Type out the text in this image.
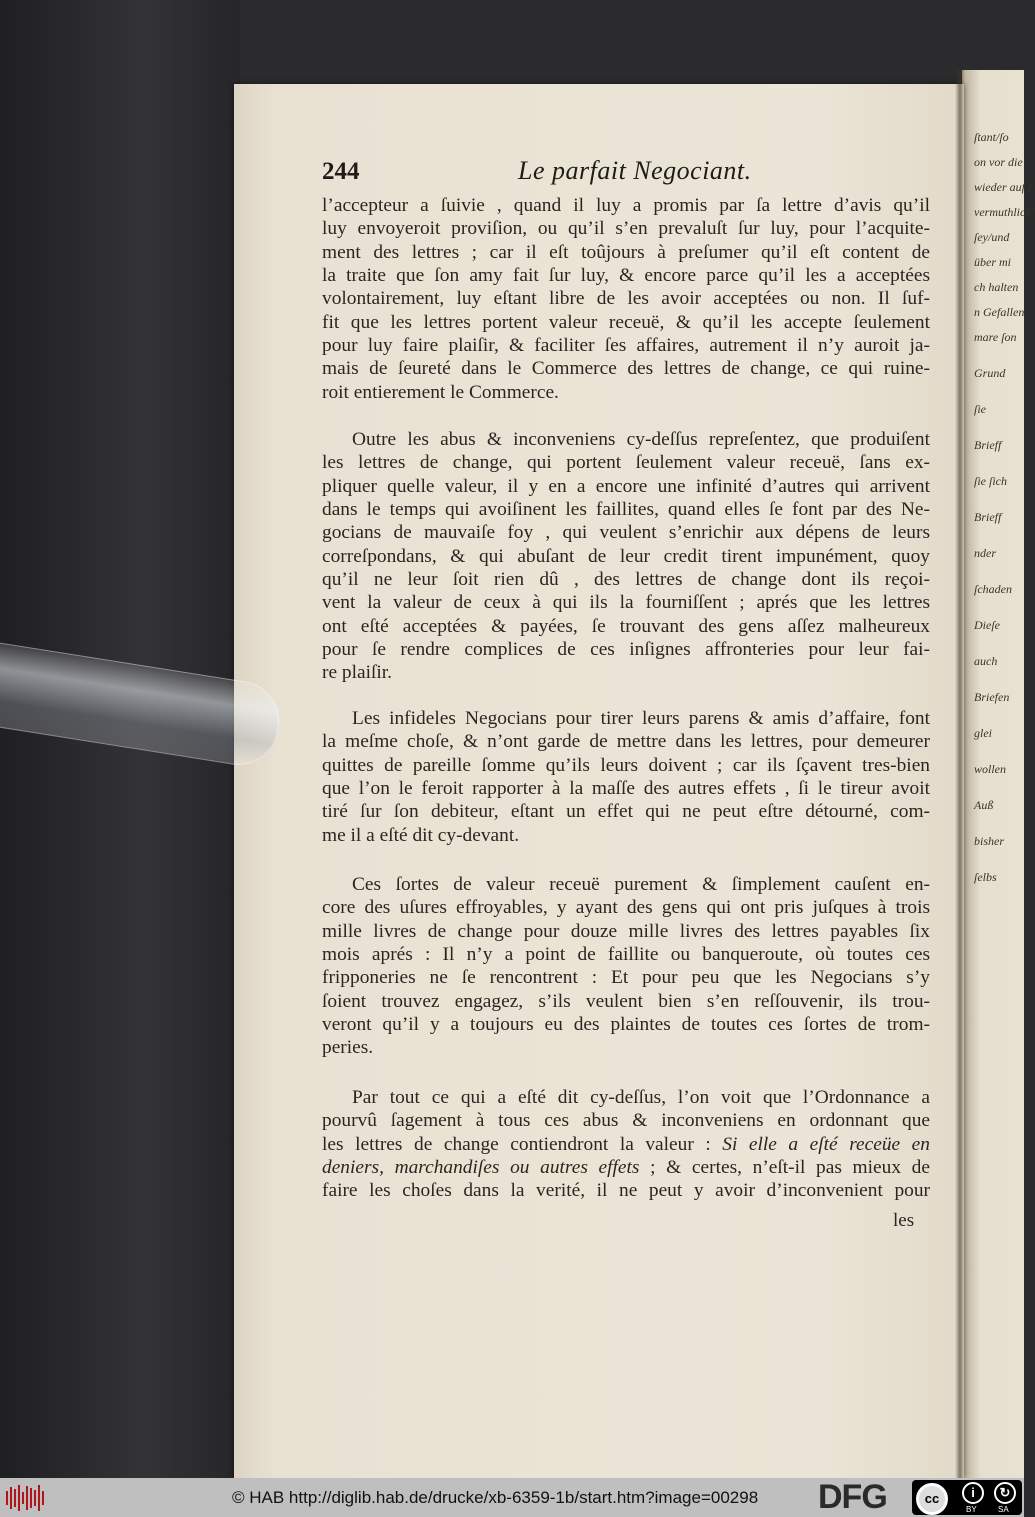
ſtant/ſo
on vor die
wieder auf ſ
vermuthlich/
ſey/und
über mi
ch halten
n Gefallen
mare ſon
Grund
ſie
Brieff
ſie ſich
Brieff
nder
ſchaden
Dieſe
auch
Briefen
glei
wollen
Auß
bisher
ſelbs
244	Le parfait Negociant.
l’accepteur a ſuivie , quand il luy a promis par ſa lettre d’avis qu’il
luy envoyeroit proviſion, ou qu’il s’en prevaluſt ſur luy, pour l’acquite-
ment des lettres ; car il eſt toûjours à preſumer qu’il eſt content de
la traite que ſon amy fait ſur luy, & encore parce qu’il les a acceptées
volontairement, luy eſtant libre de les avoir acceptées ou non. Il ſuf-
fit que les lettres portent valeur receuë, & qu’il les accepte ſeulement
pour luy faire plaiſir, & faciliter ſes affaires, autrement il n’y auroit ja-
mais de ſeureté dans le Commerce des lettres de change, ce qui ruine-
roit entierement le Commerce.
Outre les abus & inconveniens cy-deſſus repreſentez, que produiſent
les lettres de change, qui portent ſeulement valeur receuë, ſans ex-
pliquer quelle valeur, il y en a encore une infinité d’autres qui arrivent
dans le temps qui avoiſinent les faillites, quand elles ſe font par des Ne-
gocians de mauvaiſe foy , qui veulent s’enrichir aux dépens de leurs
correſpondans, & qui abuſant de leur credit tirent impunément, quoy
qu’il ne leur ſoit rien dû , des lettres de change dont ils reçoi-
vent la valeur de ceux à qui ils la fourniſſent ; aprés que les lettres
ont eſté acceptées & payées, ſe trouvant des gens aſſez malheureux
pour ſe rendre complices de ces inſignes affronteries pour leur fai-
re plaiſir.
Les infideles Negocians pour tirer leurs parens & amis d’affaire, font
la meſme choſe, & n’ont garde de mettre dans les lettres, pour demeurer
quittes de pareille ſomme qu’ils leurs doivent ; car ils ſçavent tres-bien
que l’on le feroit rapporter à la maſſe des autres effets , ſi le tireur avoit
tiré ſur ſon debiteur, eſtant un effet qui ne peut eſtre détourné, com-
me il a eſté dit cy-devant.
Ces ſortes de valeur receuë purement & ſimplement cauſent en-
core des uſures effroyables, y ayant des gens qui ont pris juſques à trois
mille livres de change pour douze mille livres des lettres payables ſix
mois aprés : Il n’y a point de faillite ou banqueroute, où toutes ces
fripponeries ne ſe rencontrent : Et pour peu que les Negocians s’y
ſoient trouvez engagez, s’ils veulent bien s’en reſſouvenir, ils trou-
veront qu’il y a toujours eu des plaintes de toutes ces ſortes de trom-
peries.
Par tout ce qui a eſté dit cy-deſſus, l’on voit que l’Ordonnance a
pourvû ſagement à tous ces abus & inconveniens en ordonnant que
les lettres de change contiendront la valeur : Si elle a eſté receüe en
deniers, marchandiſes ou autres effets ; & certes, n’eſt-il pas mieux de
faire les choſes dans la verité, il ne peut y avoir d’inconvenient pour
les
© HAB http://diglib.hab.de/drucke/xb-6359-1b/start.htm?image=00298 DFG	cc	i	↻
BY	SA
